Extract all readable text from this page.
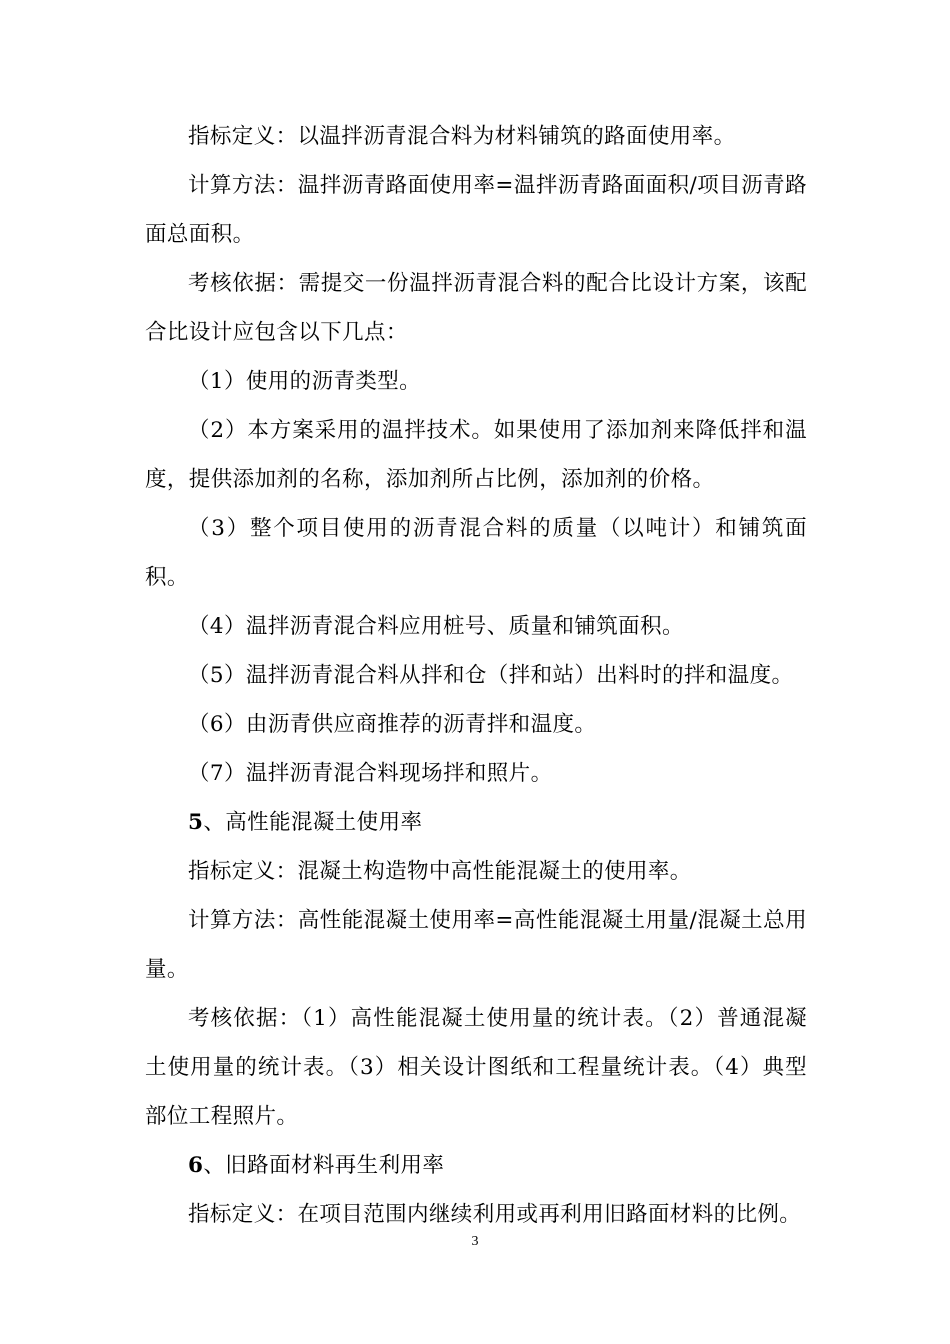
指标定义：以温拌沥青混合料为材料铺筑的路面使用率。

计算方法：温拌沥青路面使用率=温拌沥青路面面积/项目沥青路面总面积。

考核依据：需提交一份温拌沥青混合料的配合比设计方案，该配合比设计应包含以下几点：

（1）使用的沥青类型。

（2）本方案采用的温拌技术。如果使用了添加剂来降低拌和温度，提供添加剂的名称，添加剂所占比例，添加剂的价格。

（3）整个项目使用的沥青混合料的质量（以吨计）和铺筑面积。

（4）温拌沥青混合料应用桩号、质量和铺筑面积。

（5）温拌沥青混合料从拌和仓（拌和站）出料时的拌和温度。

（6）由沥青供应商推荐的沥青拌和温度。

（7）温拌沥青混合料现场拌和照片。

5、高性能混凝土使用率

指标定义：混凝土构造物中高性能混凝土的使用率。

计算方法：高性能混凝土使用率=高性能混凝土用量/混凝土总用量。

考核依据：（1）高性能混凝土使用量的统计表。（2）普通混凝土使用量的统计表。（3）相关设计图纸和工程量统计表。（4）典型部位工程照片。

6、旧路面材料再生利用率

指标定义：在项目范围内继续利用或再利用旧路面材料的比例。

3
